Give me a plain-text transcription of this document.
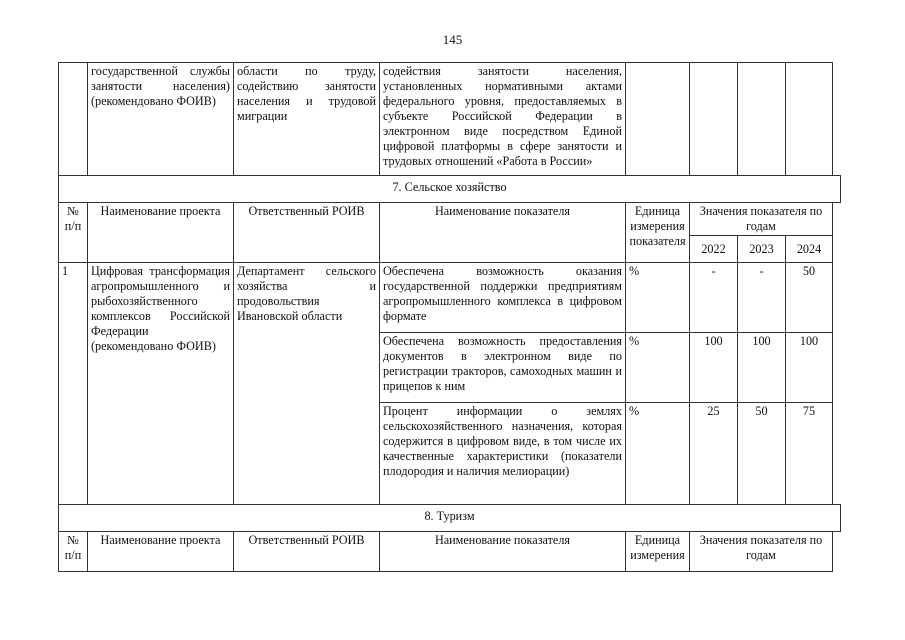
145
	государственной службы занятости населения) (рекомендовано ФОИВ)	области по труду, содействию занятости населения и трудовой миграции	содействия занятости населения, установленных нормативными актами федерального уровня, предоставляемых в субъекте Российской Федерации в электронном виде посредством Единой цифровой платформы в сфере занятости и трудовых отношений «Работа в России»					
7. Сельское хозяйство								
№ п/п	Наименование проекта	Ответственный РОИВ	Наименование показателя	Единица измерения показателя	Значения показателя по годам			
					2022	2023	2024	
1	Цифровая трансформация агропромышленного и рыбохозяйственного комплексов Российской Федерации (рекомендовано ФОИВ)	Департамент сельского хозяйства и продовольствия Ивановской области	Обеспечена возможность оказания государственной поддержки предприятиям агропромышленного комплекса в цифровом формате	%	-	-	50	
			Обеспечена возможность предоставления документов в электронном виде по регистрации тракторов, самоходных машин и прицепов к ним	%	100	100	100	
			Процент информации о землях сельскохозяйственного назначения, которая содержится в цифровом виде, в том числе их качественные характеристики (показатели плодородия и наличия мелиорации)	%	25	50	75	
8. Туризм								
№ п/п	Наименование проекта	Ответственный РОИВ	Наименование показателя	Единица измерения	Значения показателя по годам			
